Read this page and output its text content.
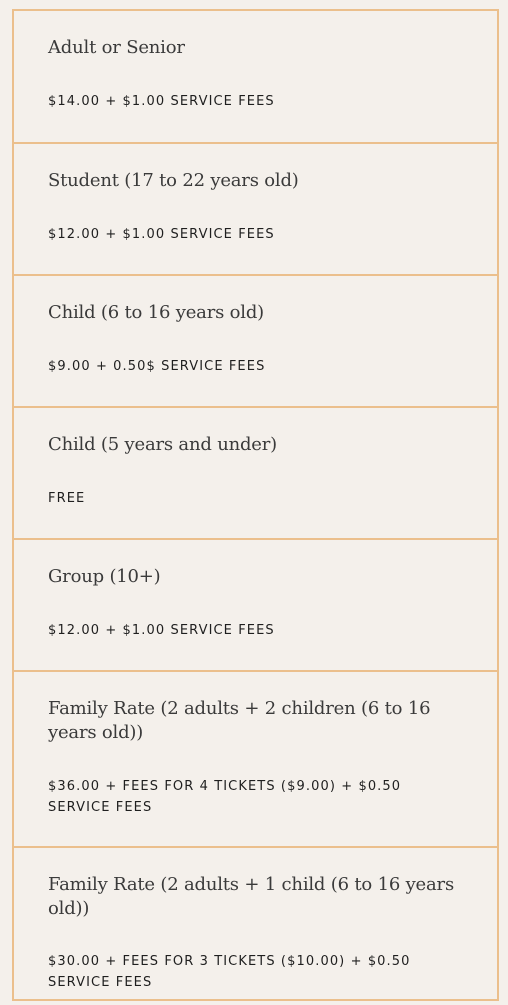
Adult or Senior

$14.00 + $1.00 SERVICE FEES

Student (17 to 22 years old)

$12.00 + $1.00 SERVICE FEES

Child (6 to 16 years old)

$9.00 + 0.50$ SERVICE FEES

Child (5 years and under)

FREE

Group (10+)

$12.00 + $1.00 SERVICE FEES

Family Rate (2 adults + 2 children (6 to 16 years old))

$36.00 + FEES FOR 4 TICKETS ($9.00) + $0.50 SERVICE FEES

Family Rate (2 adults + 1 child (6 to 16 years old))

$30.00 + FEES FOR 3 TICKETS ($10.00) + $0.50 SERVICE FEES
